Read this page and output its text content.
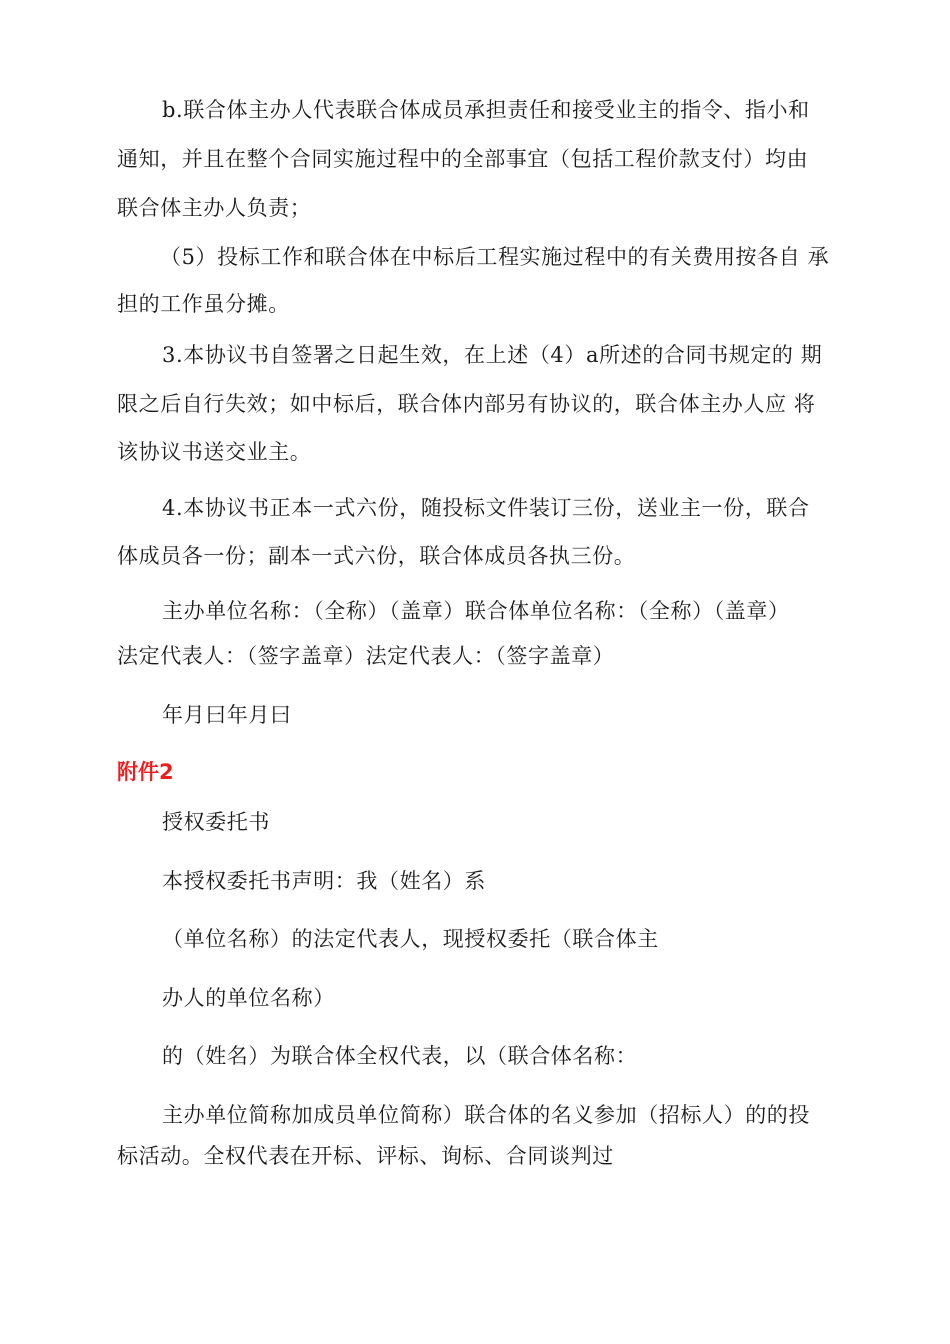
b.联合体主办人代表联合体成员承担责任和接受业主的指令、指小和
通知，并且在整个合同实施过程中的全部事宜（包括工程价款支付）均由
联合体主办人负责；
（5）投标工作和联合体在中标后工程实施过程中的有关费用按各自 承
担的工作虽分摊。
3.本协议书自签署之日起生效，在上述（4）a所述的合同书规定的 期
限之后自行失效；如中标后，联合体内部另有协议的，联合体主办人应 将
该协议书送交业主。
4.本协议书正本一式六份，随投标文件装订三份，送业主一份，联合
体成员各一份；副本一式六份，联合体成员各执三份。
主办单位名称：（全称）（盖章）联合体单位名称：（全称）（盖章）
法定代表人：（签字盖章）法定代表人：（签字盖章）
年月曰年月曰
附件2
授权委托书
本授权委托书声明：我（姓名）系
（单位名称）的法定代表人，现授权委托（联合体主
办人的单位名称）
的（姓名）为联合体全权代表，以（联合体名称：
主办单位简称加成员单位简称）联合体的名义参加（招标人）的的投
标活动。全权代表在开标、评标、询标、合同谈判过
